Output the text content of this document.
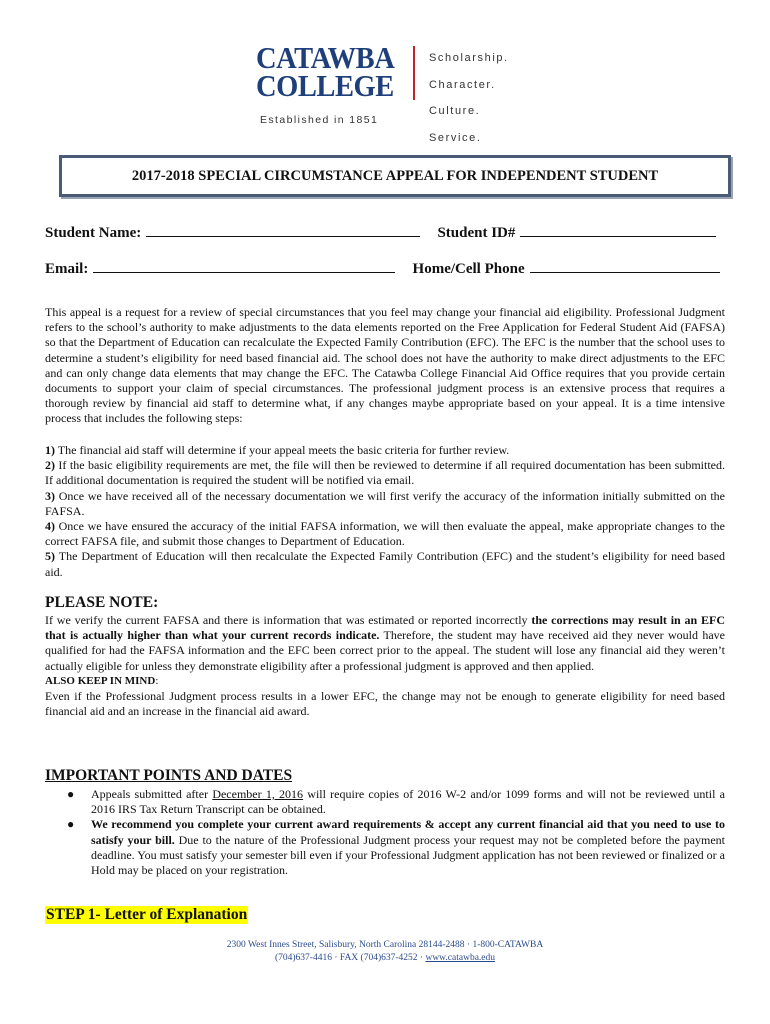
CATAWBA
COLLEGE
Established in 1851
Scholarship.
Character.
Culture.
Service.
2017-2018 SPECIAL CIRCUMSTANCE APPEAL FOR INDEPENDENT STUDENT
Student Name:	Student ID#
Email:	Home/Cell Phone

This appeal is a request for a review of special circumstances that you feel may change your financial aid eligibility. Professional Judgment refers to the school’s authority to make adjustments to the data elements reported on the Free Application for Federal Student Aid (FAFSA) so that the Department of Education can recalculate the Expected Family Contribution (EFC). The EFC is the number that the school uses to determine a student’s eligibility for need based financial aid. The school does not have the authority to make direct adjustments to the EFC and can only change data elements that may change the EFC. The Catawba College Financial Aid Office requires that you provide certain documents to support your claim of special circumstances. The professional judgment process is an extensive process that requires a thorough review by financial aid staff to determine what, if any changes maybe appropriate based on your appeal. It is a time intensive process that includes the following steps:

1) The financial aid staff will determine if your appeal meets the basic criteria for further review.

2) If the basic eligibility requirements are met, the file will then be reviewed to determine if all required documentation has been submitted. If additional documentation is required the student will be notified via email.

3) Once we have received all of the necessary documentation we will first verify the accuracy of the information initially submitted on the FAFSA.

4) Once we have ensured the accuracy of the initial FAFSA information, we will then evaluate the appeal, make appropriate changes to the correct FAFSA file, and submit those changes to Department of Education.

5) The Department of Education will then recalculate the Expected Family Contribution (EFC) and the student’s eligibility for need based aid.

PLEASE NOTE:

If we verify the current FAFSA and there is information that was estimated or reported incorrectly the corrections may result in an EFC that is actually higher than what your current records indicate. Therefore, the student may have received aid they never would have qualified for had the FAFSA information and the EFC been correct prior to the appeal. The student will lose any financial aid they weren’t actually eligible for unless they demonstrate eligibility after a professional judgment is approved and then applied.

ALSO KEEP IN MIND:

Even if the Professional Judgment process results in a lower EFC, the change may not be enough to generate eligibility for need based financial aid and an increase in the financial aid award.

IMPORTANT POINTS AND DATES
● Appeals submitted after December 1, 2016 will require copies of 2016 W-2 and/or 1099 forms and will not be reviewed until a 2016 IRS Tax Return Transcript can be obtained.
● We recommend you complete your current award requirements & accept any current financial aid that you need to use to satisfy your bill. Due to the nature of the Professional Judgment process your request may not be completed before the payment deadline. You must satisfy your semester bill even if your Professional Judgment application has not been reviewed or finalized or a Hold may be placed on your registration.
STEP 1- Letter of Explanation
2300 West Innes Street, Salisbury, North Carolina 28144-2488 · 1-800-CATAWBA
(704)637-4416 · FAX (704)637-4252 · www.catawba.edu
